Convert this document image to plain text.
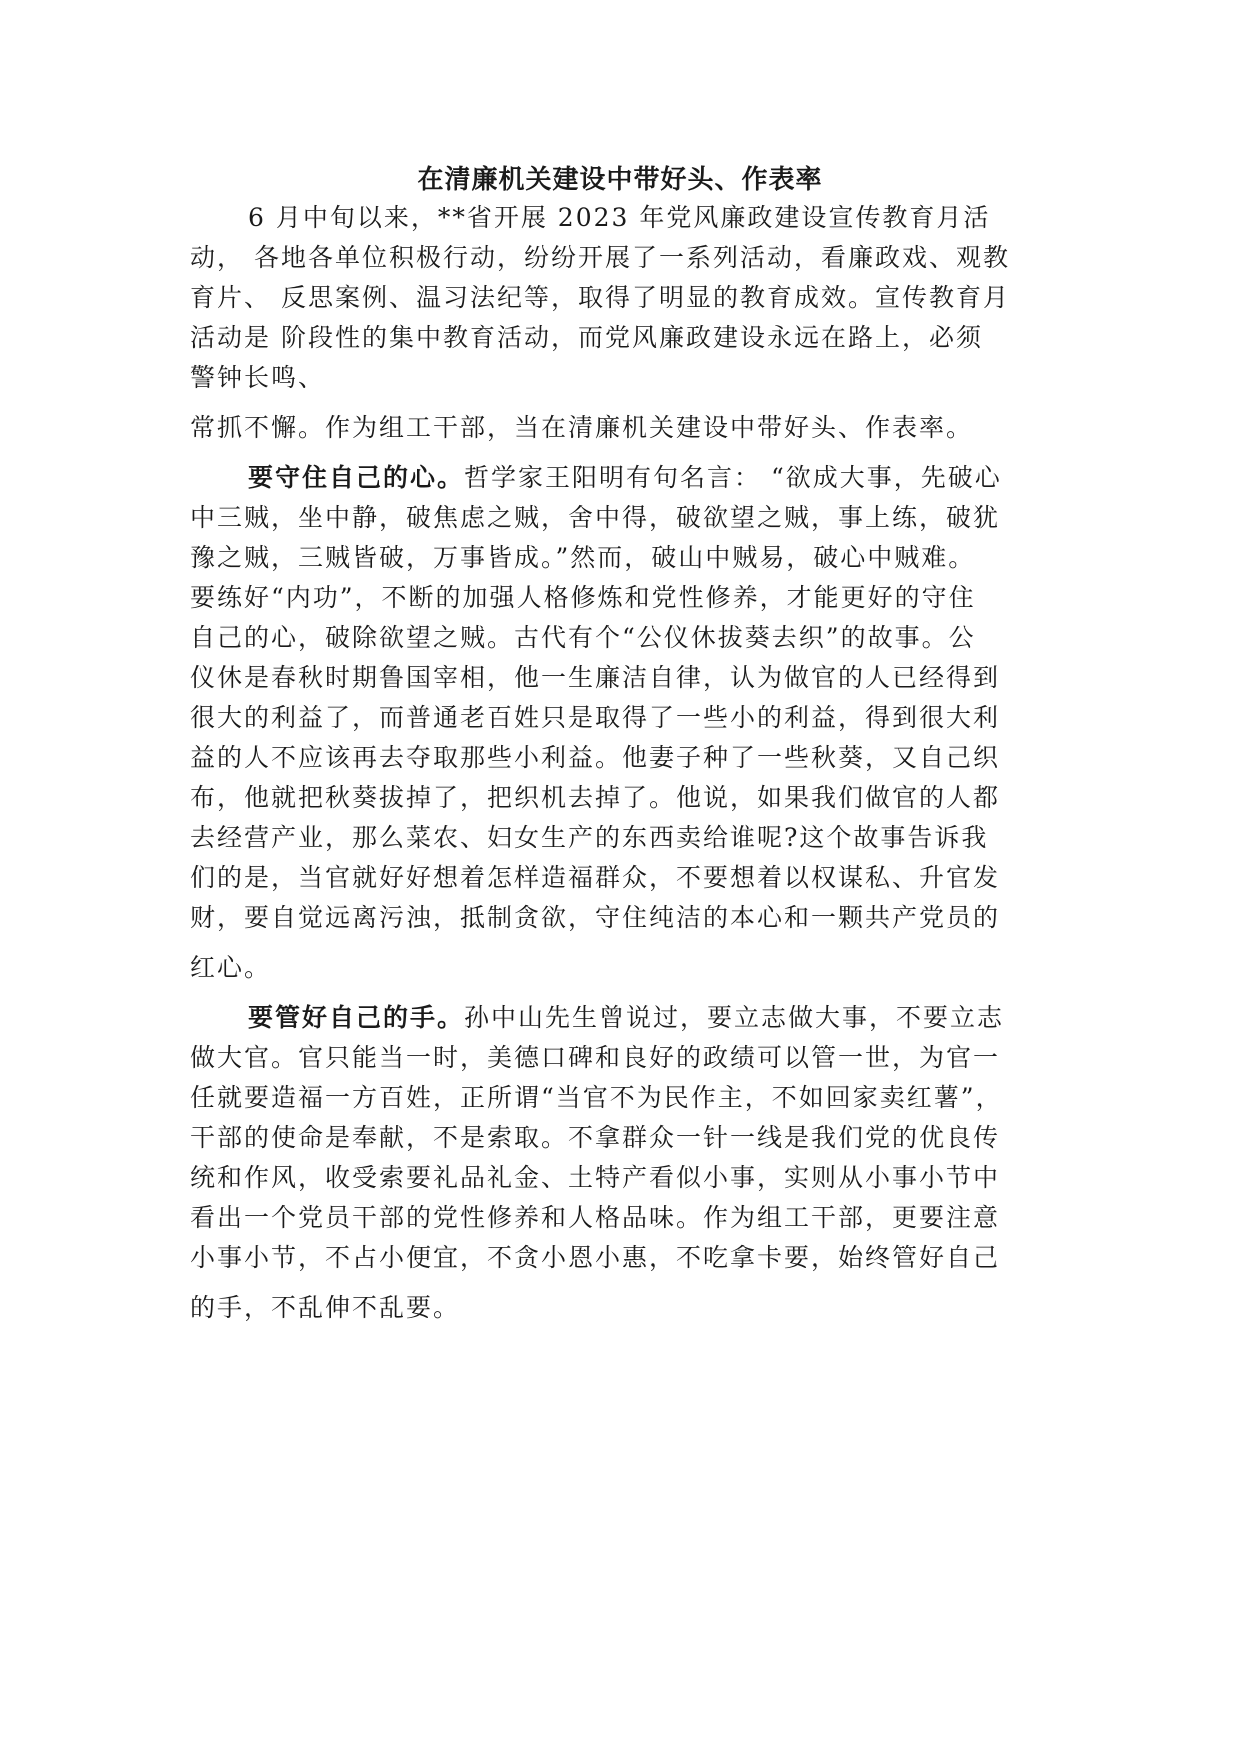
在清廉机关建设中带好头、作表率
6 月中旬以来，**省开展 2023 年党风廉政建设宣传教育月活
动， 各地各单位积极行动，纷纷开展了一系列活动，看廉政戏、观教
育片、 反思案例、温习法纪等，取得了明显的教育成效。宣传教育月
活动是 阶段性的集中教育活动，而党风廉政建设永远在路上，必须
警钟长鸣、
常抓不懈。作为组工干部，当在清廉机关建设中带好头、作表率。
要守住自己的心。哲学家王阳明有句名言： “欲成大事，先破心
中三贼，坐中静，破焦虑之贼，舍中得，破欲望之贼，事上练，破犹
豫之贼，三贼皆破，万事皆成。”然而，破山中贼易，破心中贼难。
要练好“内功”，不断的加强人格修炼和党性修养，才能更好的守住
自己的心，破除欲望之贼。古代有个“公仪休拔葵去织”的故事。公
仪休是春秋时期鲁国宰相，他一生廉洁自律，认为做官的人已经得到
很大的利益了，而普通老百姓只是取得了一些小的利益，得到很大利
益的人不应该再去夺取那些小利益。他妻子种了一些秋葵，又自己织
布，他就把秋葵拔掉了，把织机去掉了。他说，如果我们做官的人都
去经营产业，那么菜农、妇女生产的东西卖给谁呢?这个故事告诉我
们的是，当官就好好想着怎样造福群众，不要想着以权谋私、升官发
财，要自觉远离污浊，抵制贪欲，守住纯洁的本心和一颗共产党员的
红心。
要管好自己的手。孙中山先生曾说过，要立志做大事，不要立志
做大官。官只能当一时，美德口碑和良好的政绩可以管一世，为官一
任就要造福一方百姓，正所谓“当官不为民作主，不如回家卖红薯”，
干部的使命是奉献，不是索取。不拿群众一针一线是我们党的优良传
统和作风，收受索要礼品礼金、土特产看似小事，实则从小事小节中
看出一个党员干部的党性修养和人格品味。作为组工干部，更要注意
小事小节，不占小便宜，不贪小恩小惠，不吃拿卡要，始终管好自己
的手，不乱伸不乱要。
